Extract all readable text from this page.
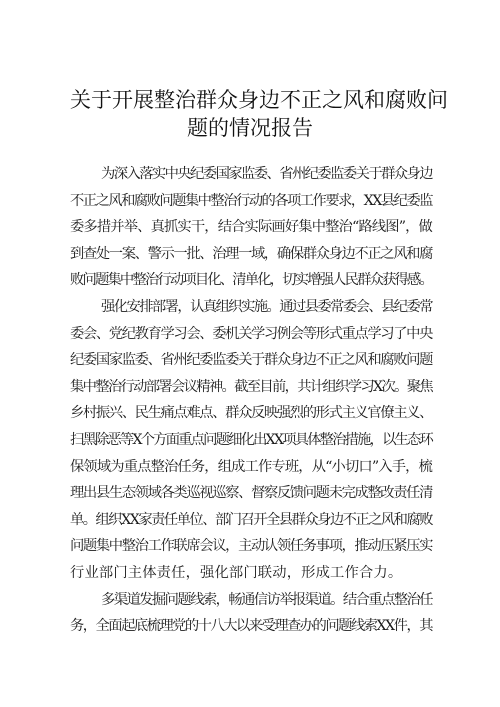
关于开展整治群众身边不正之风和腐败问
题的情况报告
为深入落实中央纪委国家监委、省州纪委监委关于群众身边
不正之风和腐败问题集中整治行动的各项工作要求，XX县纪委监
委多措并举、真抓实干，结合实际画好集中整治“路线图”，做
到查处一案、警示一批、治理一域，确保群众身边不正之风和腐
败问题集中整治行动项目化、清单化，切实增强人民群众获得感。
强化安排部署，认真组织实施。通过县委常委会、县纪委常
委会、党纪教育学习会、委机关学习例会等形式重点学习了中央
纪委国家监委、省州纪委监委关于群众身边不正之风和腐败问题
集中整治行动部署会议精神。截至目前，共计组织学习X次。聚焦
乡村振兴、民生痛点难点、群众反映强烈的形式主义官僚主义、
扫黑除恶等X个方面重点问题细化出XX项具体整治措施，以生态环
保领域为重点整治任务，组成工作专班，从“小切口”入手，梳
理出县生态领域各类巡视巡察、督察反馈问题未完成整改责任清
单。组织XX家责任单位、部门召开全县群众身边不正之风和腐败
问题集中整治工作联席会议，主动认领任务事项，推动压紧压实
行业部门主体责任，强化部门联动，形成工作合力。
多渠道发掘问题线索，畅通信访举报渠道。结合重点整治任
务，全面起底梳理党的十八大以来受理查办的问题线索XX件，其
